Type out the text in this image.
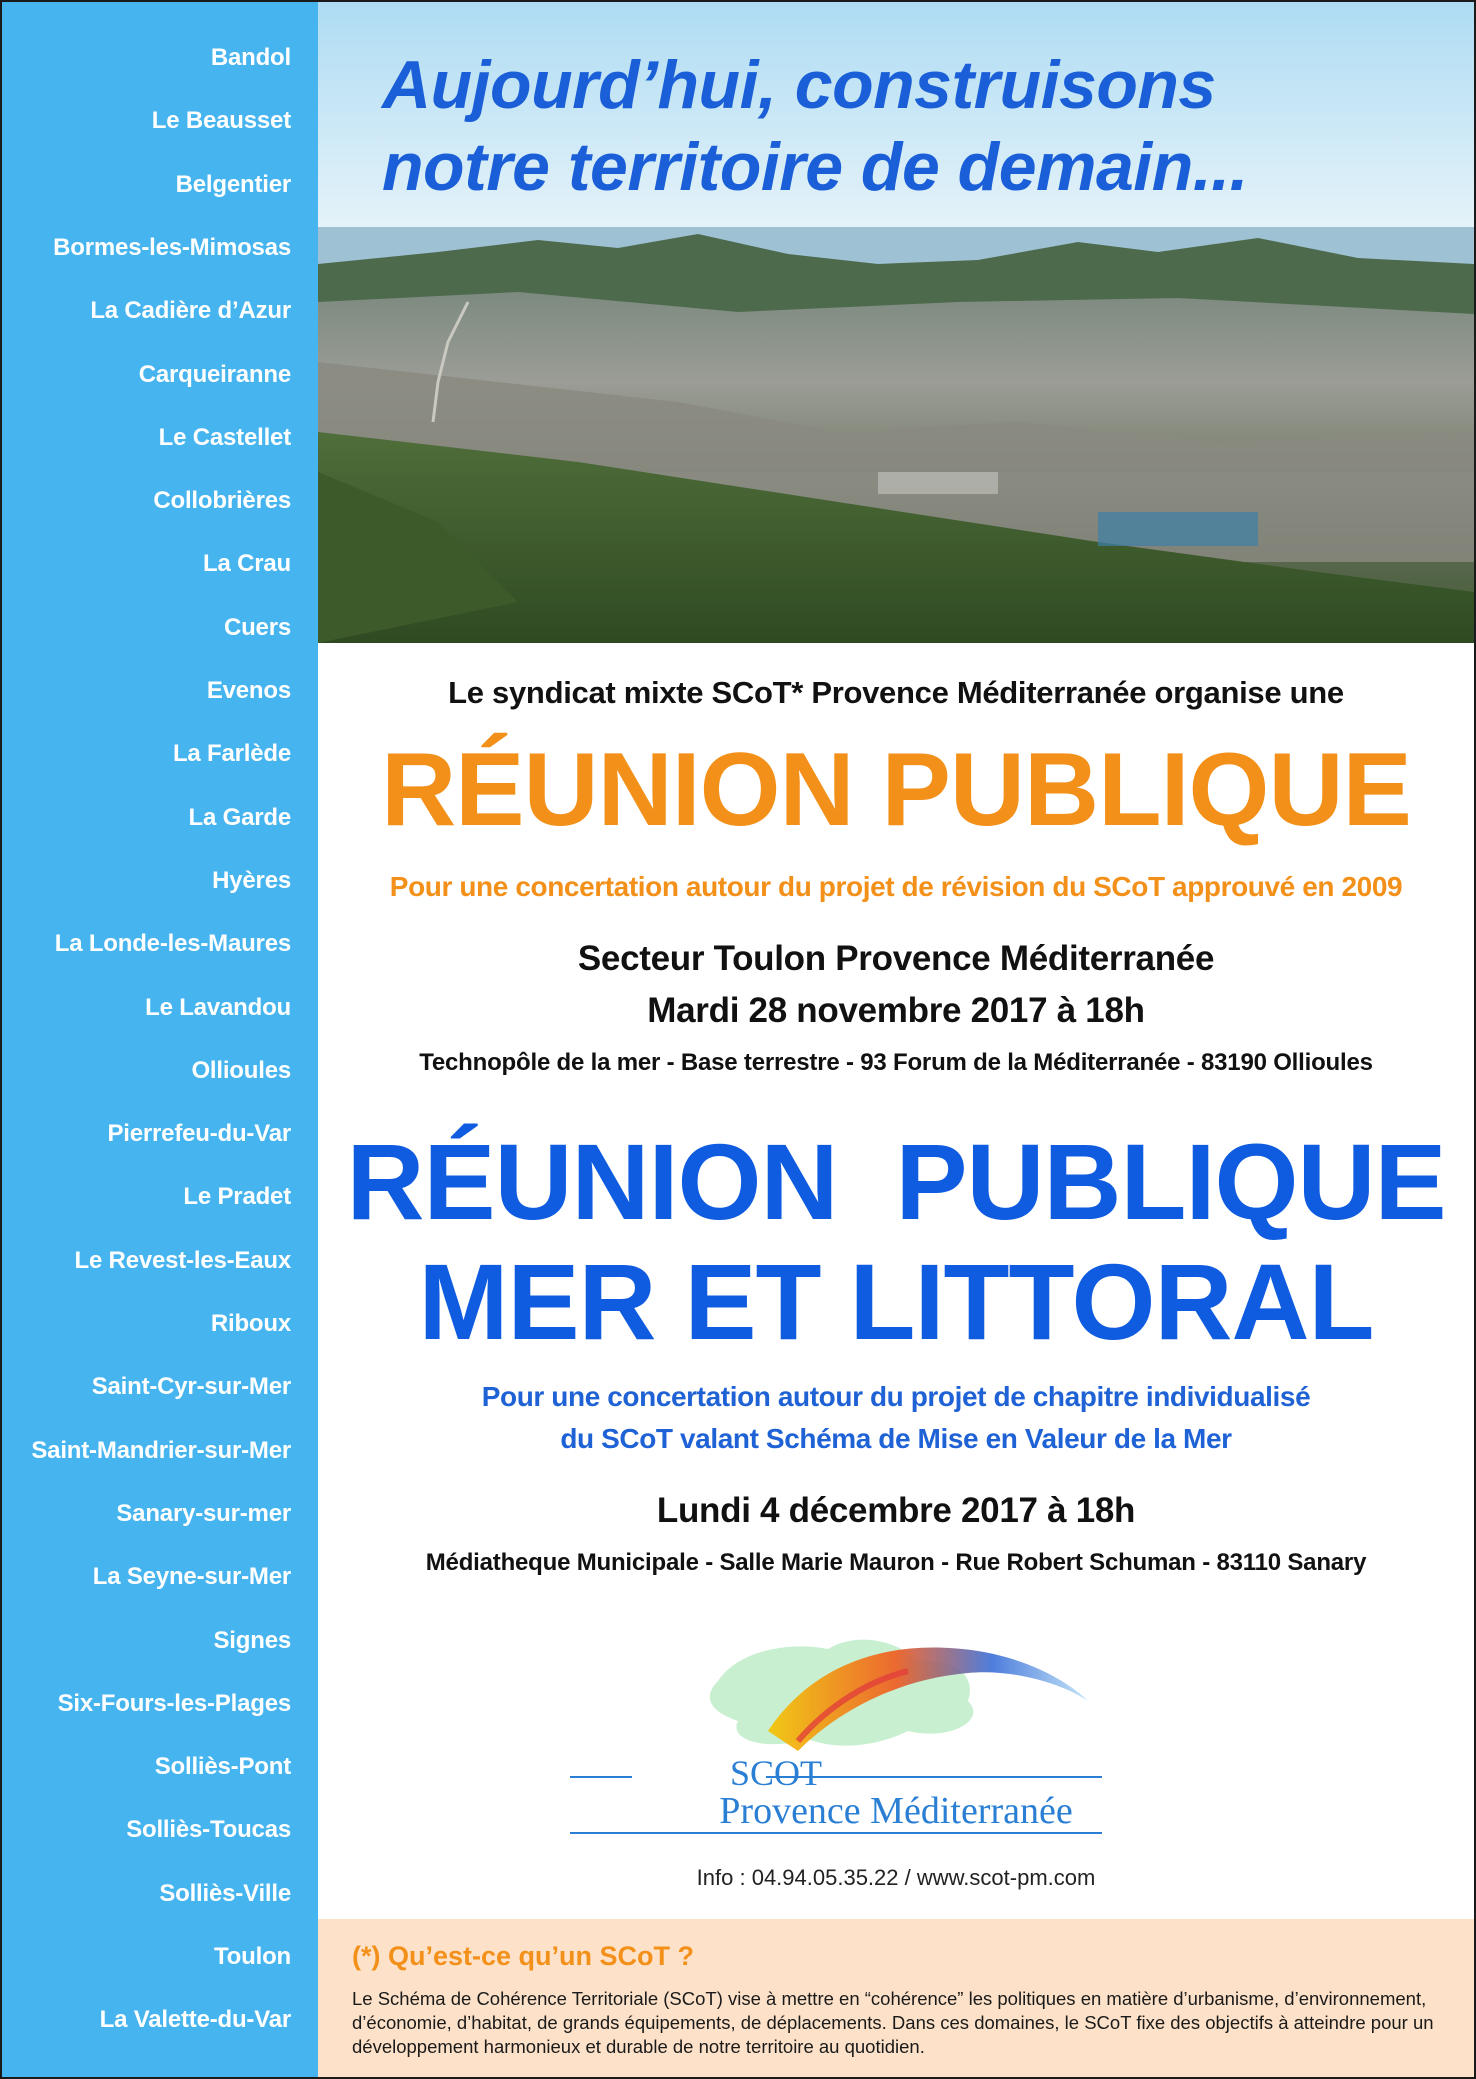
Bandol
Le Beausset
Belgentier
Bormes-les-Mimosas
La Cadière d’Azur
Carqueiranne
Le Castellet
Collobrières
La Crau
Cuers
Evenos
La Farlède
La Garde
Hyères
La Londe-les-Maures
Le Lavandou
Ollioules
Pierrefeu-du-Var
Le Pradet
Le Revest-les-Eaux
Riboux
Saint-Cyr-sur-Mer
Saint-Mandrier-sur-Mer
Sanary-sur-mer
La Seyne-sur-Mer
Signes
Six-Fours-les-Plages
Solliès-Pont
Solliès-Toucas
Solliès-Ville
Toulon
La Valette-du-Var
Aujourd’hui, construisons
notre territoire de demain...
Le syndicat mixte SCoT* Provence Méditerranée organise une
RÉUNION PUBLIQUE
Pour une concertation autour du projet de révision du SCoT approuvé en 2009
Secteur Toulon Provence Méditerranée
Mardi 28 novembre 2017 à 18h
Technopôle de la mer - Base terrestre - 93 Forum de la Méditerranée - 83190 Ollioules
RÉUNION  PUBLIQUE
MER ET LITTORAL
Pour une concertation autour du projet de chapitre individualisé
du SCoT valant Schéma de Mise en Valeur de la Mer
Lundi 4 décembre 2017 à 18h
Médiatheque Municipale - Salle Marie Mauron - Rue Robert Schuman - 83110 Sanary
SCOT
Provence Méditerranée
Info : 04.94.05.35.22 / www.scot-pm.com
(*) Qu’est-ce qu’un SCoT ?

Le Schéma de Cohérence Territoriale (SCoT) vise à mettre en “cohérence” les politiques en matière d’urbanisme, d’environnement, d’économie, d’habitat, de grands équipements, de déplacements. Dans ces domaines, le SCoT fixe des objectifs à atteindre pour un développement harmonieux et durable de notre territoire au quotidien.
